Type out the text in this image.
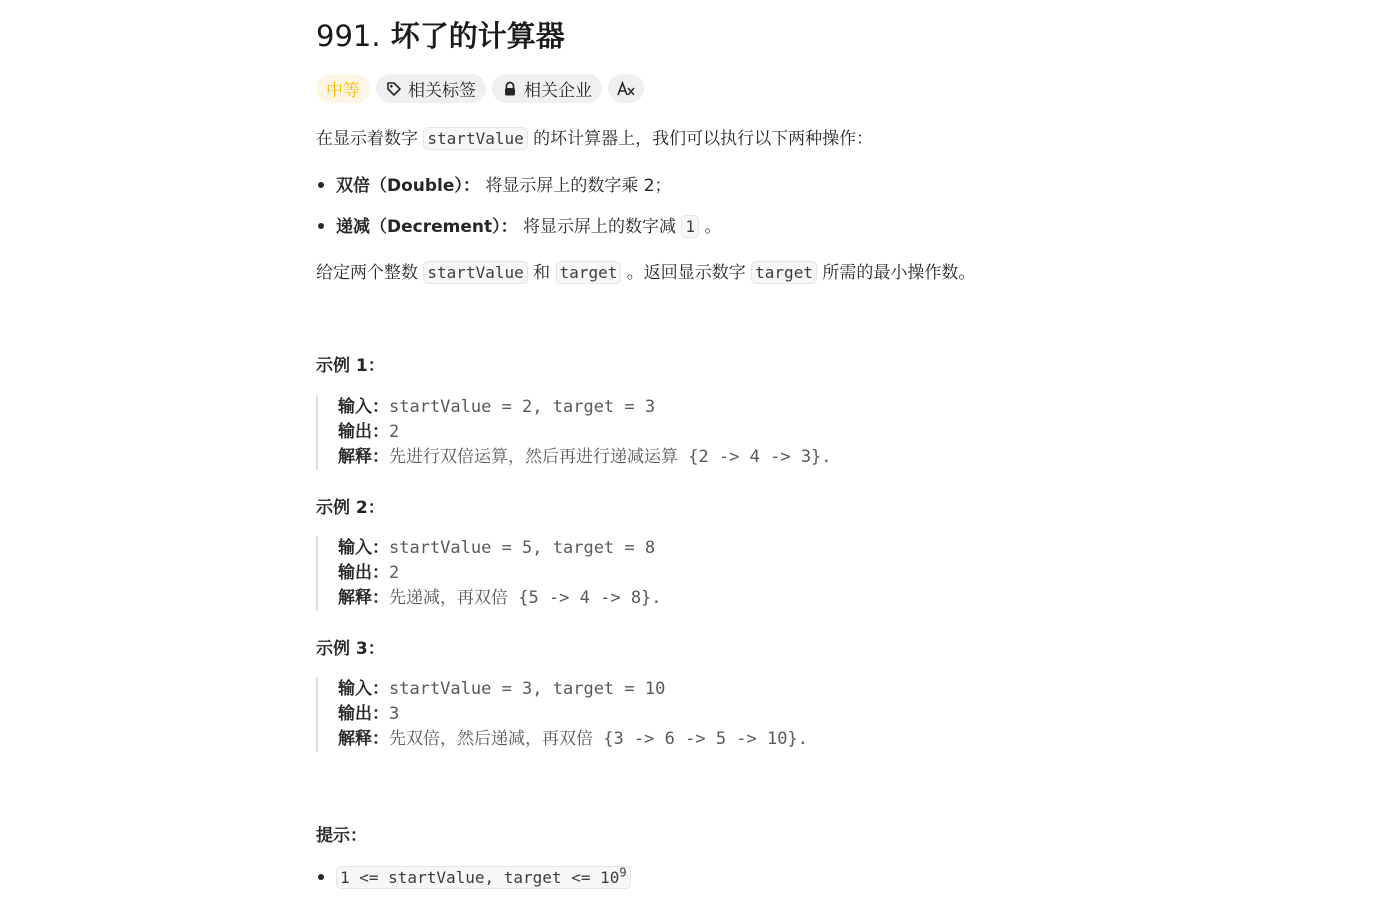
991. 坏了的计算器
中等	相关标签	相关企业
在显示着数字 startValue 的坏计算器上，我们可以执行以下两种操作：
双倍（Double）： 将显示屏上的数字乘 2；
递减（Decrement）： 将显示屏上的数字减 1 。
给定两个整数 startValue 和 target 。返回显示数字 target 所需的最小操作数。
示例 1：
输入：startValue = 2, target = 3
输出：2
解释：先进行双倍运算，然后再进行递减运算 {2 -> 4 -> 3}.
示例 2：
输入：startValue = 5, target = 8
输出：2
解释：先递减，再双倍 {5 -> 4 -> 8}.
示例 3：
输入：startValue = 3, target = 10
输出：3
解释：先双倍，然后递减，再双倍 {3 -> 6 -> 5 -> 10}.
提示：
1 <= startValue, target <= $10^9$
